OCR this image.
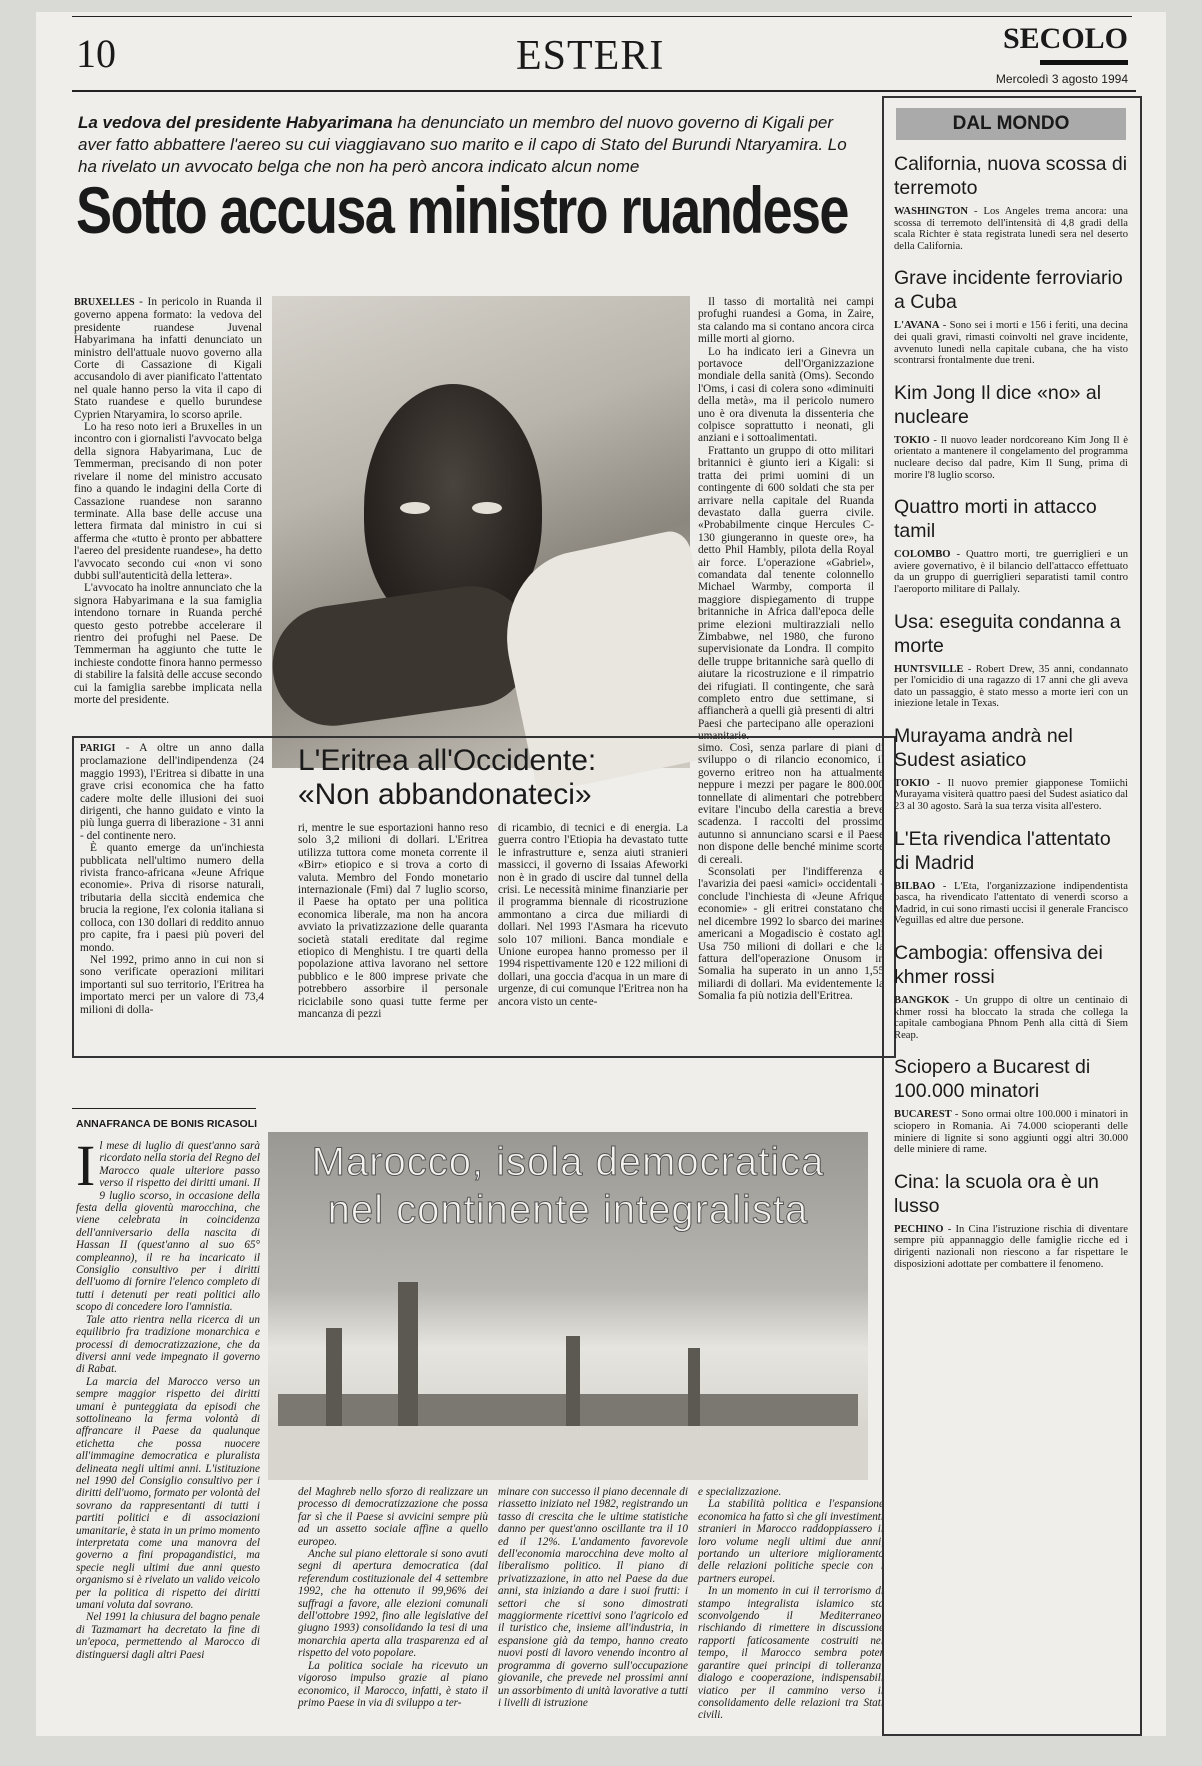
10	ESTERI	SECOLO
Mercoledì 3 agosto 1994
La vedova del presidente Habyarimana ha denunciato un membro del nuovo governo di Kigali per aver fatto abbattere l'aereo su cui viaggiavano suo marito e il capo di Stato del Burundi Ntaryamira. Lo ha rivelato un avvocato belga che non ha però ancora indicato alcun nome
Sotto accusa ministro ruandese

BRUXELLES - In pericolo in Ruanda il governo appena formato: la vedova del presidente ruandese Juvenal Habyarimana ha infatti denunciato un ministro dell'attuale nuovo governo alla Corte di Cassazione di Kigali accusandolo di aver pianificato l'attentato nel quale hanno perso la vita il capo di Stato ruandese e quello burundese Cyprien Ntaryamira, lo scorso aprile.

Lo ha reso noto ieri a Bruxelles in un incontro con i giornalisti l'avvocato belga della signora Habyarimana, Luc de Temmerman, precisando di non poter rivelare il nome del ministro accusato fino a quando le indagini della Corte di Cassazione ruandese non saranno terminate. Alla base delle accuse una lettera firmata dal ministro in cui si afferma che «tutto è pronto per abbattere l'aereo del presidente ruandese», ha detto l'avvocato secondo cui «non vi sono dubbi sull'autenticità della lettera».

L'avvocato ha inoltre annunciato che la signora Habyarimana e la sua famiglia intendono tornare in Ruanda perché questo gesto potrebbe accelerare il rientro dei profughi nel Paese. De Temmerman ha aggiunto che tutte le inchieste condotte finora hanno permesso di stabilire la falsità delle accuse secondo cui la famiglia sarebbe implicata nella morte del presidente.

Il tasso di mortalità nei campi profughi ruandesi a Goma, in Zaire, sta calando ma si contano ancora circa mille morti al giorno.

Lo ha indicato ieri a Ginevra un portavoce dell'Organizzazione mondiale della sanità (Oms). Secondo l'Oms, i casi di colera sono «diminuiti della metà», ma il pericolo numero uno è ora divenuta la dissenteria che colpisce soprattutto i neonati, gli anziani e i sottoalimentati.

Frattanto un gruppo di otto militari britannici è giunto ieri a Kigali: si tratta dei primi uomini di un contingente di 600 soldati che sta per arrivare nella capitale del Ruanda devastato dalla guerra civile. «Probabilmente cinque Hercules C-130 giungeranno in queste ore», ha detto Phil Hambly, pilota della Royal air force. L'operazione «Gabriel», comandata dal tenente colonnello Michael Warmby, comporta il maggiore dispiegamento di truppe britanniche in Africa dall'epoca delle prime elezioni multirazziali nello Zimbabwe, nel 1980, che furono supervisionate da Londra. Il compito delle truppe britanniche sarà quello di aiutare la ricostruzione e il rimpatrio dei rifugiati. Il contingente, che sarà completo entro due settimane, si affiancherà a quelli già presenti di altri Paesi che partecipano alle operazioni umanitarie.

PARIGI - A oltre un anno dalla proclamazione dell'indipendenza (24 maggio 1993), l'Eritrea si dibatte in una grave crisi economica che ha fatto cadere molte delle illusioni dei suoi dirigenti, che hanno guidato e vinto la più lunga guerra di liberazione - 31 anni - del continente nero.

È quanto emerge da un'inchiesta pubblicata nell'ultimo numero della rivista franco-africana «Jeune Afrique economie». Priva di risorse naturali, tributaria della siccità endemica che brucia la regione, l'ex colonia italiana si colloca, con 130 dollari di reddito annuo pro capite, fra i paesi più poveri del mondo.

Nel 1992, primo anno in cui non si sono verificate operazioni militari importanti sul suo territorio, l'Eritrea ha importato merci per un valore di 73,4 milioni di dolla-

L'Eritrea all'Occidente:
«Non abbandonateci»
ri, mentre le sue esportazioni hanno reso solo 3,2 milioni di dollari. L'Eritrea utilizza tuttora come moneta corrente il «Birr» etiopico e si trova a corto di valuta. Membro del Fondo monetario internazionale (Fmi) dal 7 luglio scorso, il Paese ha optato per una politica economica liberale, ma non ha ancora avviato la privatizzazione delle quaranta società statali ereditate dal regime etiopico di Menghistu. I tre quarti della popolazione attiva lavorano nel settore pubblico e le 800 imprese private che potrebbero assorbire il personale riciclabile sono quasi tutte ferme per mancanza di pezzi
di ricambio, di tecnici e di energia. La guerra contro l'Etiopia ha devastato tutte le infrastrutture e, senza aiuti stranieri massicci, il governo di Issaias Afeworki non è in grado di uscire dal tunnel della crisi. Le necessità minime finanziarie per il programma biennale di ricostruzione ammontano a circa due miliardi di dollari. Nel 1993 l'Asmara ha ricevuto solo 107 milioni. Banca mondiale e Unione europea hanno promesso per il 1994 rispettivamente 120 e 122 milioni di dollari, una goccia d'acqua in un mare di urgenze, di cui comunque l'Eritrea non ha ancora visto un cente-

simo. Così, senza parlare di piani di sviluppo o di rilancio economico, il governo eritreo non ha attualmente neppure i mezzi per pagare le 800.000 tonnellate di alimentari che potrebbero evitare l'incubo della carestia a breve scadenza. I raccolti del prossimo autunno si annunciano scarsi e il Paese non dispone delle benché minime scorte di cereali.

Sconsolati per l'indifferenza e l'avarizia dei paesi «amici» occidentali - conclude l'inchiesta di «Jeune Afrique economie» - gli eritrei constatano che nel dicembre 1992 lo sbarco dei marines americani a Mogadiscio è costato agli Usa 750 milioni di dollari e che la fattura dell'operazione Onusom in Somalia ha superato in un anno 1,55 miliardi di dollari. Ma evidentemente la Somalia fa più notizia dell'Eritrea.

ANNAFRANCA DE BONIS RICASOLI

Il mese di luglio di quest'anno sarà ricordato nella storia del Regno del Marocco quale ulteriore passo verso il rispetto dei diritti umani. Il 9 luglio scorso, in occasione della festa della gioventù marocchina, che viene celebrata in coincidenza dell'anniversario della nascita di Hassan II (quest'anno al suo 65° compleanno), il re ha incaricato il Consiglio consultivo per i diritti dell'uomo di fornire l'elenco completo di tutti i detenuti per reati politici allo scopo di concedere loro l'amnistia.

Tale atto rientra nella ricerca di un equilibrio fra tradizione monarchica e processi di democratizzazione, che da diversi anni vede impegnato il governo di Rabat.

La marcia del Marocco verso un sempre maggior rispetto dei diritti umani è punteggiata da episodi che sottolineano la ferma volontà di affrancare il Paese da qualunque etichetta che possa nuocere all'immagine democratica e pluralista delineata negli ultimi anni. L'istituzione nel 1990 del Consiglio consultivo per i diritti dell'uomo, formato per volontà del sovrano da rappresentanti di tutti i partiti politici e di associazioni umanitarie, è stata in un primo momento interpretata come una manovra del governo a fini propagandistici, ma specie negli ultimi due anni questo organismo si è rivelato un valido veicolo per la politica di rispetto dei diritti umani voluta dal sovrano.

Nel 1991 la chiusura del bagno penale di Tazmamart ha decretato la fine di un'epoca, permettendo al Marocco di distinguersi dagli altri Paesi

Marocco, isola democratica
nel continente integralista

del Maghreb nello sforzo di realizzare un processo di democratizzazione che possa far sì che il Paese si avvicini sempre più ad un assetto sociale affine a quello europeo.

Anche sul piano elettorale si sono avuti segni di apertura democratica (dal referendum costituzionale del 4 settembre 1992, che ha ottenuto il 99,96% dei suffragi a favore, alle elezioni comunali dell'ottobre 1992, fino alle legislative del giugno 1993) consolidando la tesi di una monarchia aperta alla trasparenza ed al rispetto del voto popolare.

La politica sociale ha ricevuto un vigoroso impulso grazie al piano economico, il Marocco, infatti, è stato il primo Paese in via di sviluppo a ter-

minare con successo il piano decennale di riassetto iniziato nel 1982, registrando un tasso di crescita che le ultime statistiche danno per quest'anno oscillante tra il 10 ed il 12%. L'andamento favorevole dell'economia marocchina deve molto al liberalismo politico. Il piano di privatizzazione, in atto nel Paese da due anni, sta iniziando a dare i suoi frutti: i settori che si sono dimostrati maggiormente ricettivi sono l'agricolo ed il turistico che, insieme all'industria, in espansione già da tempo, hanno creato nuovi posti di lavoro venendo incontro al programma di governo sull'occupazione giovanile, che prevede nel prossimi anni un assorbimento di unità lavorative a tutti i livelli di istruzione

e specializzazione.

La stabilità politica e l'espansione economica ha fatto sì che gli investimenti stranieri in Marocco raddoppiassero il loro volume negli ultimi due anni, portando un ulteriore miglioramento delle relazioni politiche specie con i partners europei.

In un momento in cui il terrorismo di stampo integralista islamico sta sconvolgendo il Mediterraneo, rischiando di rimettere in discussione rapporti faticosamente costruiti nel tempo, il Marocco sembra poter garantire quei principi di tolleranza, dialogo e cooperazione, indispensabili viatico per il cammino verso il consolidamento delle relazioni tra Stati civili.

DAL MONDO
California, nuova scossa di terremoto
WASHINGTON - Los Angeles trema ancora: una scossa di terremoto dell'intensità di 4,8 gradi della scala Richter è stata registrata lunedì sera nel deserto della California.
Grave incidente ferroviario a Cuba
L'AVANA - Sono sei i morti e 156 i feriti, una decina dei quali gravi, rimasti coinvolti nel grave incidente, avvenuto lunedì nella capitale cubana, che ha visto scontrarsi frontalmente due treni.
Kim Jong Il dice «no» al nucleare
TOKIO - Il nuovo leader nordcoreano Kim Jong Il è orientato a mantenere il congelamento del programma nucleare deciso dal padre, Kim Il Sung, prima di morire l'8 luglio scorso.
Quattro morti in attacco tamil
COLOMBO - Quattro morti, tre guerriglieri e un aviere governativo, è il bilancio dell'attacco effettuato da un gruppo di guerriglieri separatisti tamil contro l'aeroporto militare di Pallaly.
Usa: eseguita condanna a morte
HUNTSVILLE - Robert Drew, 35 anni, condannato per l'omicidio di una ragazzo di 17 anni che gli aveva dato un passaggio, è stato messo a morte ieri con un iniezione letale in Texas.
Murayama andrà nel Sudest asiatico
TOKIO - Il nuovo premier giapponese Tomiichi Murayama visiterà quattro paesi del Sudest asiatico dal 23 al 30 agosto. Sarà la sua terza visita all'estero.
L'Eta rivendica l'attentato di Madrid
BILBAO - L'Eta, l'organizzazione indipendentista basca, ha rivendicato l'attentato di venerdì scorso a Madrid, in cui sono rimasti uccisi il generale Francisco Veguillas ed altre due persone.
Cambogia: offensiva dei khmer rossi
BANGKOK - Un gruppo di oltre un centinaio di khmer rossi ha bloccato la strada che collega la capitale cambogiana Phnom Penh alla città di Siem Reap.
Sciopero a Bucarest di 100.000 minatori
BUCAREST - Sono ormai oltre 100.000 i minatori in sciopero in Romania. Ai 74.000 scioperanti delle miniere di lignite si sono aggiunti oggi altri 30.000 delle miniere di rame.
Cina: la scuola ora è un lusso
PECHINO - In Cina l'istruzione rischia di diventare sempre più appannaggio delle famiglie ricche ed i dirigenti nazionali non riescono a far rispettare le disposizioni adottate per combattere il fenomeno.
